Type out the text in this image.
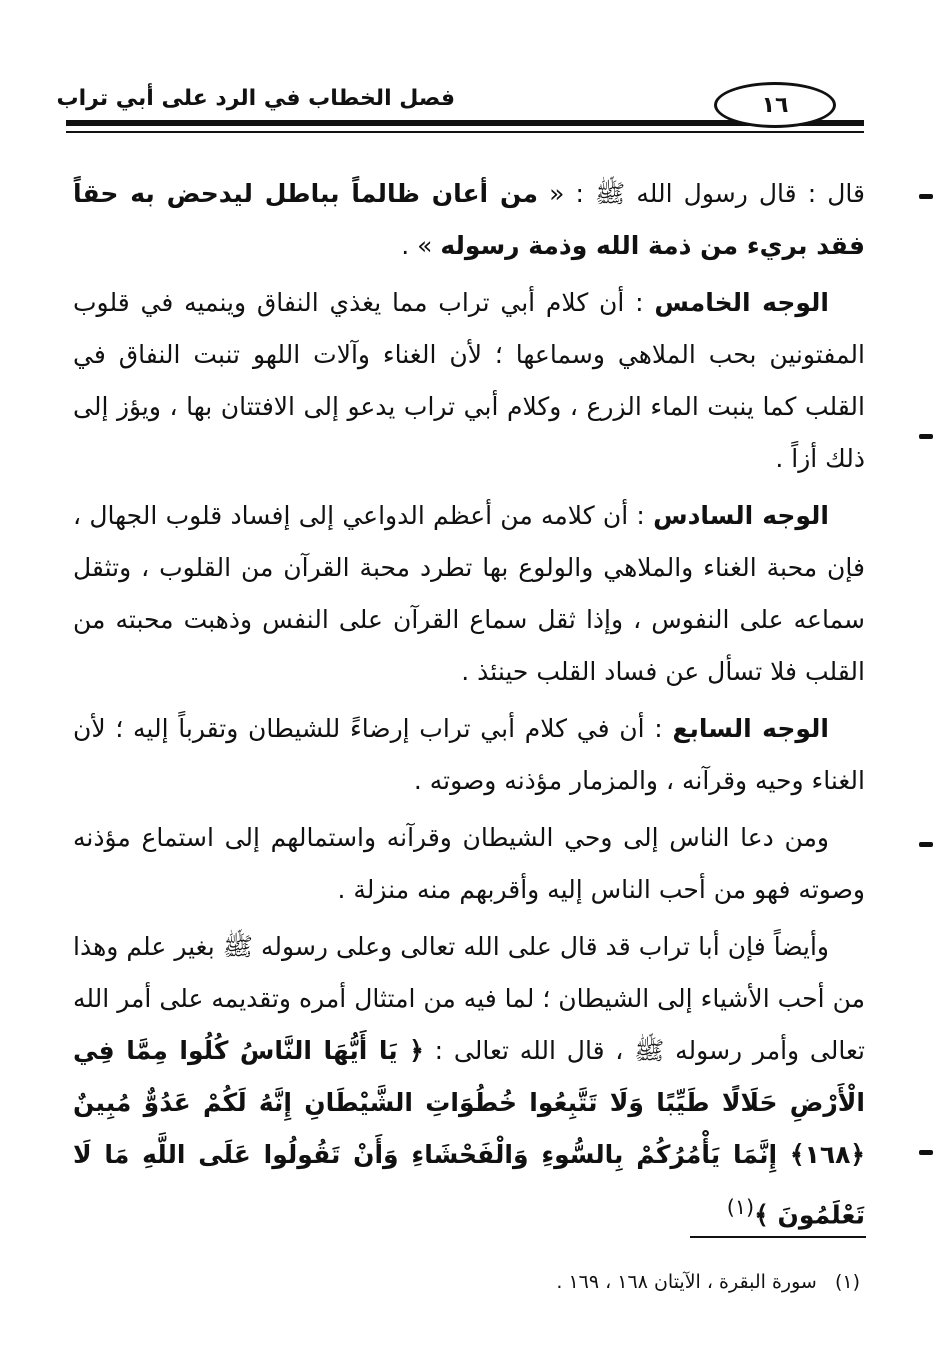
١٦
فصل الخطاب في الرد على أبي تراب

قال : قال رسول الله ﷺ : « من أعان ظالماً بباطل ليدحض به حقاً فقد بريء من ذمة الله وذمة رسوله » .

الوجه الخامس : أن كلام أبي تراب مما يغذي النفاق وينميه في قلوب المفتونين بحب الملاهي وسماعها ؛ لأن الغناء وآلات اللهو تنبت النفاق في القلب كما ينبت الماء الزرع ، وكلام أبي تراب يدعو إلى الافتتان بها ، ويؤز إلى ذلك أزاً .

الوجه السادس : أن كلامه من أعظم الدواعي إلى إفساد قلوب الجهال ، فإن محبة الغناء والملاهي والولوع بها تطرد محبة القرآن من القلوب ، وتثقل سماعه على النفوس ، وإذا ثقل سماع القرآن على النفس وذهبت محبته من القلب فلا تسأل عن فساد القلب حينئذ .

الوجه السابع : أن في كلام أبي تراب إرضاءً للشيطان وتقرباً إليه ؛ لأن الغناء وحيه وقرآنه ، والمزمار مؤذنه وصوته .

ومن دعا الناس إلى وحي الشيطان وقرآنه واستمالهم إلى استماع مؤذنه وصوته فهو من أحب الناس إليه وأقربهم منه منزلة .

وأيضاً فإن أبا تراب قد قال على الله تعالى وعلى رسوله ﷺ بغير علم وهذا من أحب الأشياء إلى الشيطان ؛ لما فيه من امتثال أمره وتقديمه على أمر الله تعالى وأمر رسوله ﷺ ، قال الله تعالى : ﴿ يَا أَيُّهَا النَّاسُ كُلُوا مِمَّا فِي الْأَرْضِ حَلَالًا طَيِّبًا وَلَا تَتَّبِعُوا خُطُوَاتِ الشَّيْطَانِ إِنَّهُ لَكُمْ عَدُوٌّ مُبِينٌ ﴿١٦٨﴾ إِنَّمَا يَأْمُرُكُمْ بِالسُّوءِ وَالْفَحْشَاءِ وَأَنْ تَقُولُوا عَلَى اللَّهِ مَا لَا تَعْلَمُونَ ﴾$^{(١)}$

(١)   سورة البقرة ، الآيتان ١٦٨ ، ١٦٩ .
